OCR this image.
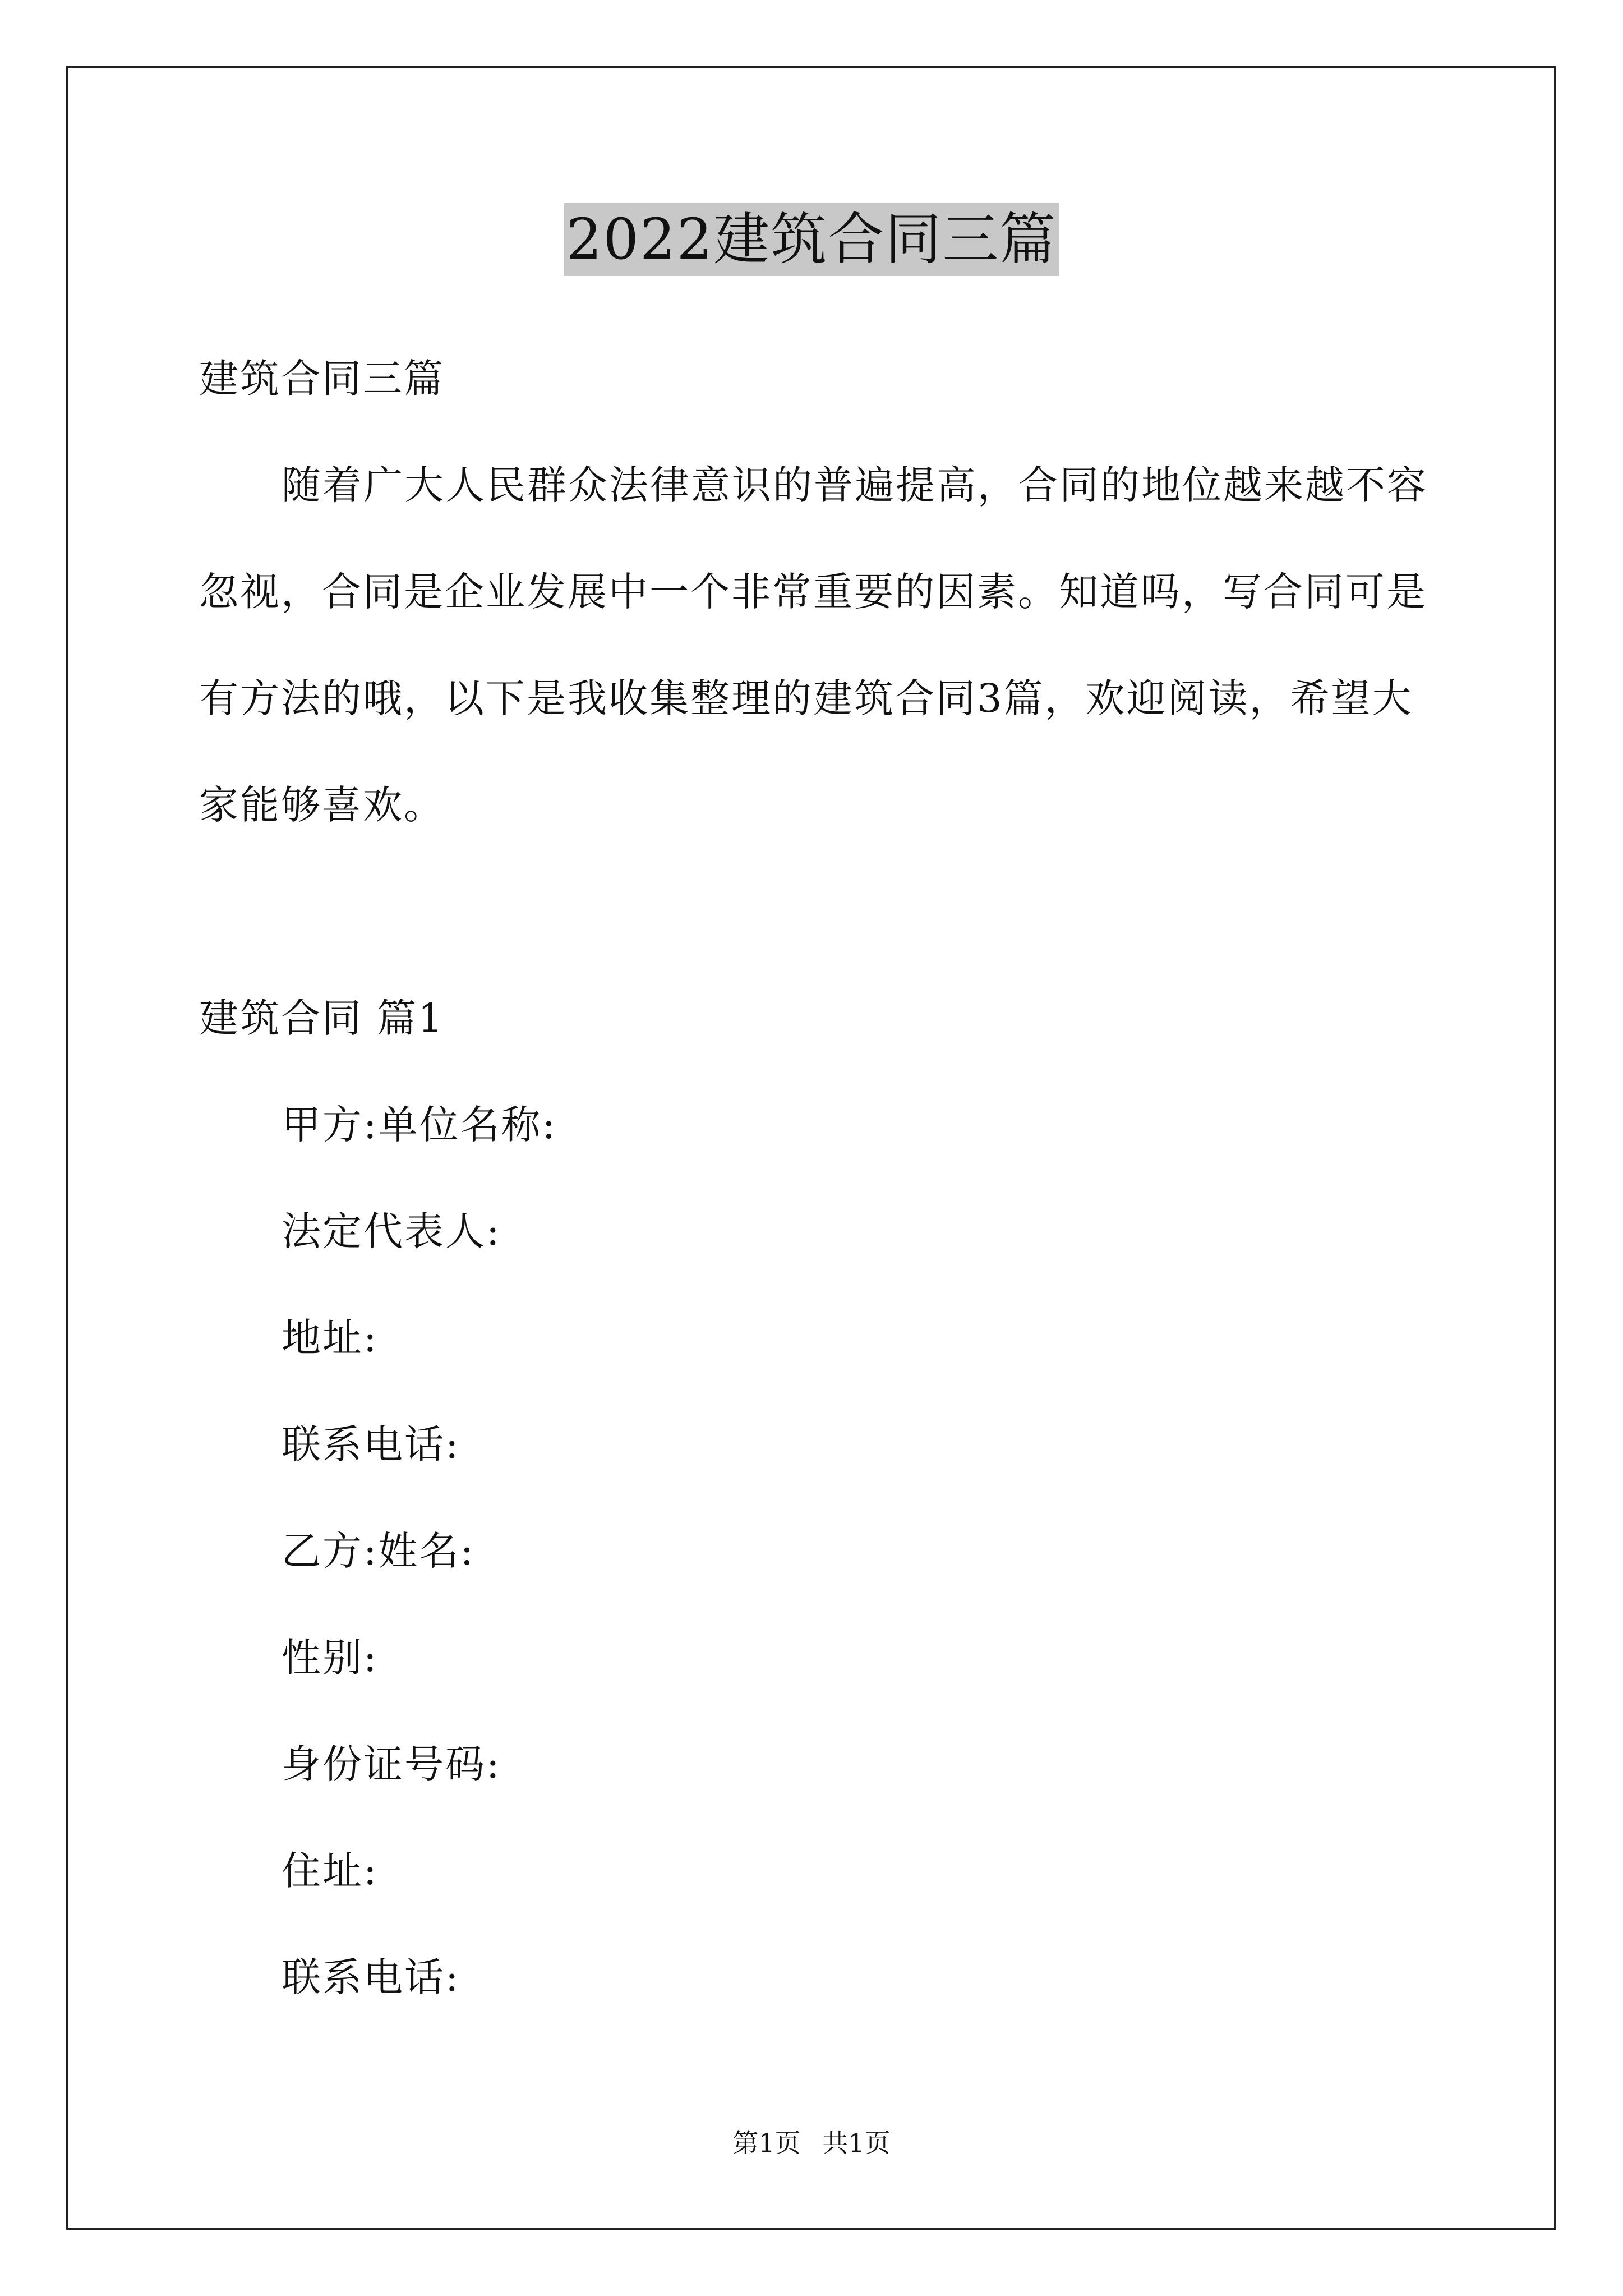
2022建筑合同三篇
建筑合同三篇
随着广大人民群众法律意识的普遍提高，合同的地位越来越不容
忽视，合同是企业发展中一个非常重要的因素。知道吗，写合同可是
有方法的哦，以下是我收集整理的建筑合同3篇，欢迎阅读，希望大
家能够喜欢。
建筑合同 篇1
甲方:单位名称:
法定代表人:
地址:
联系电话:
乙方:姓名:
性别:
身份证号码:
住址:
联系电话:
第1页 共1页
